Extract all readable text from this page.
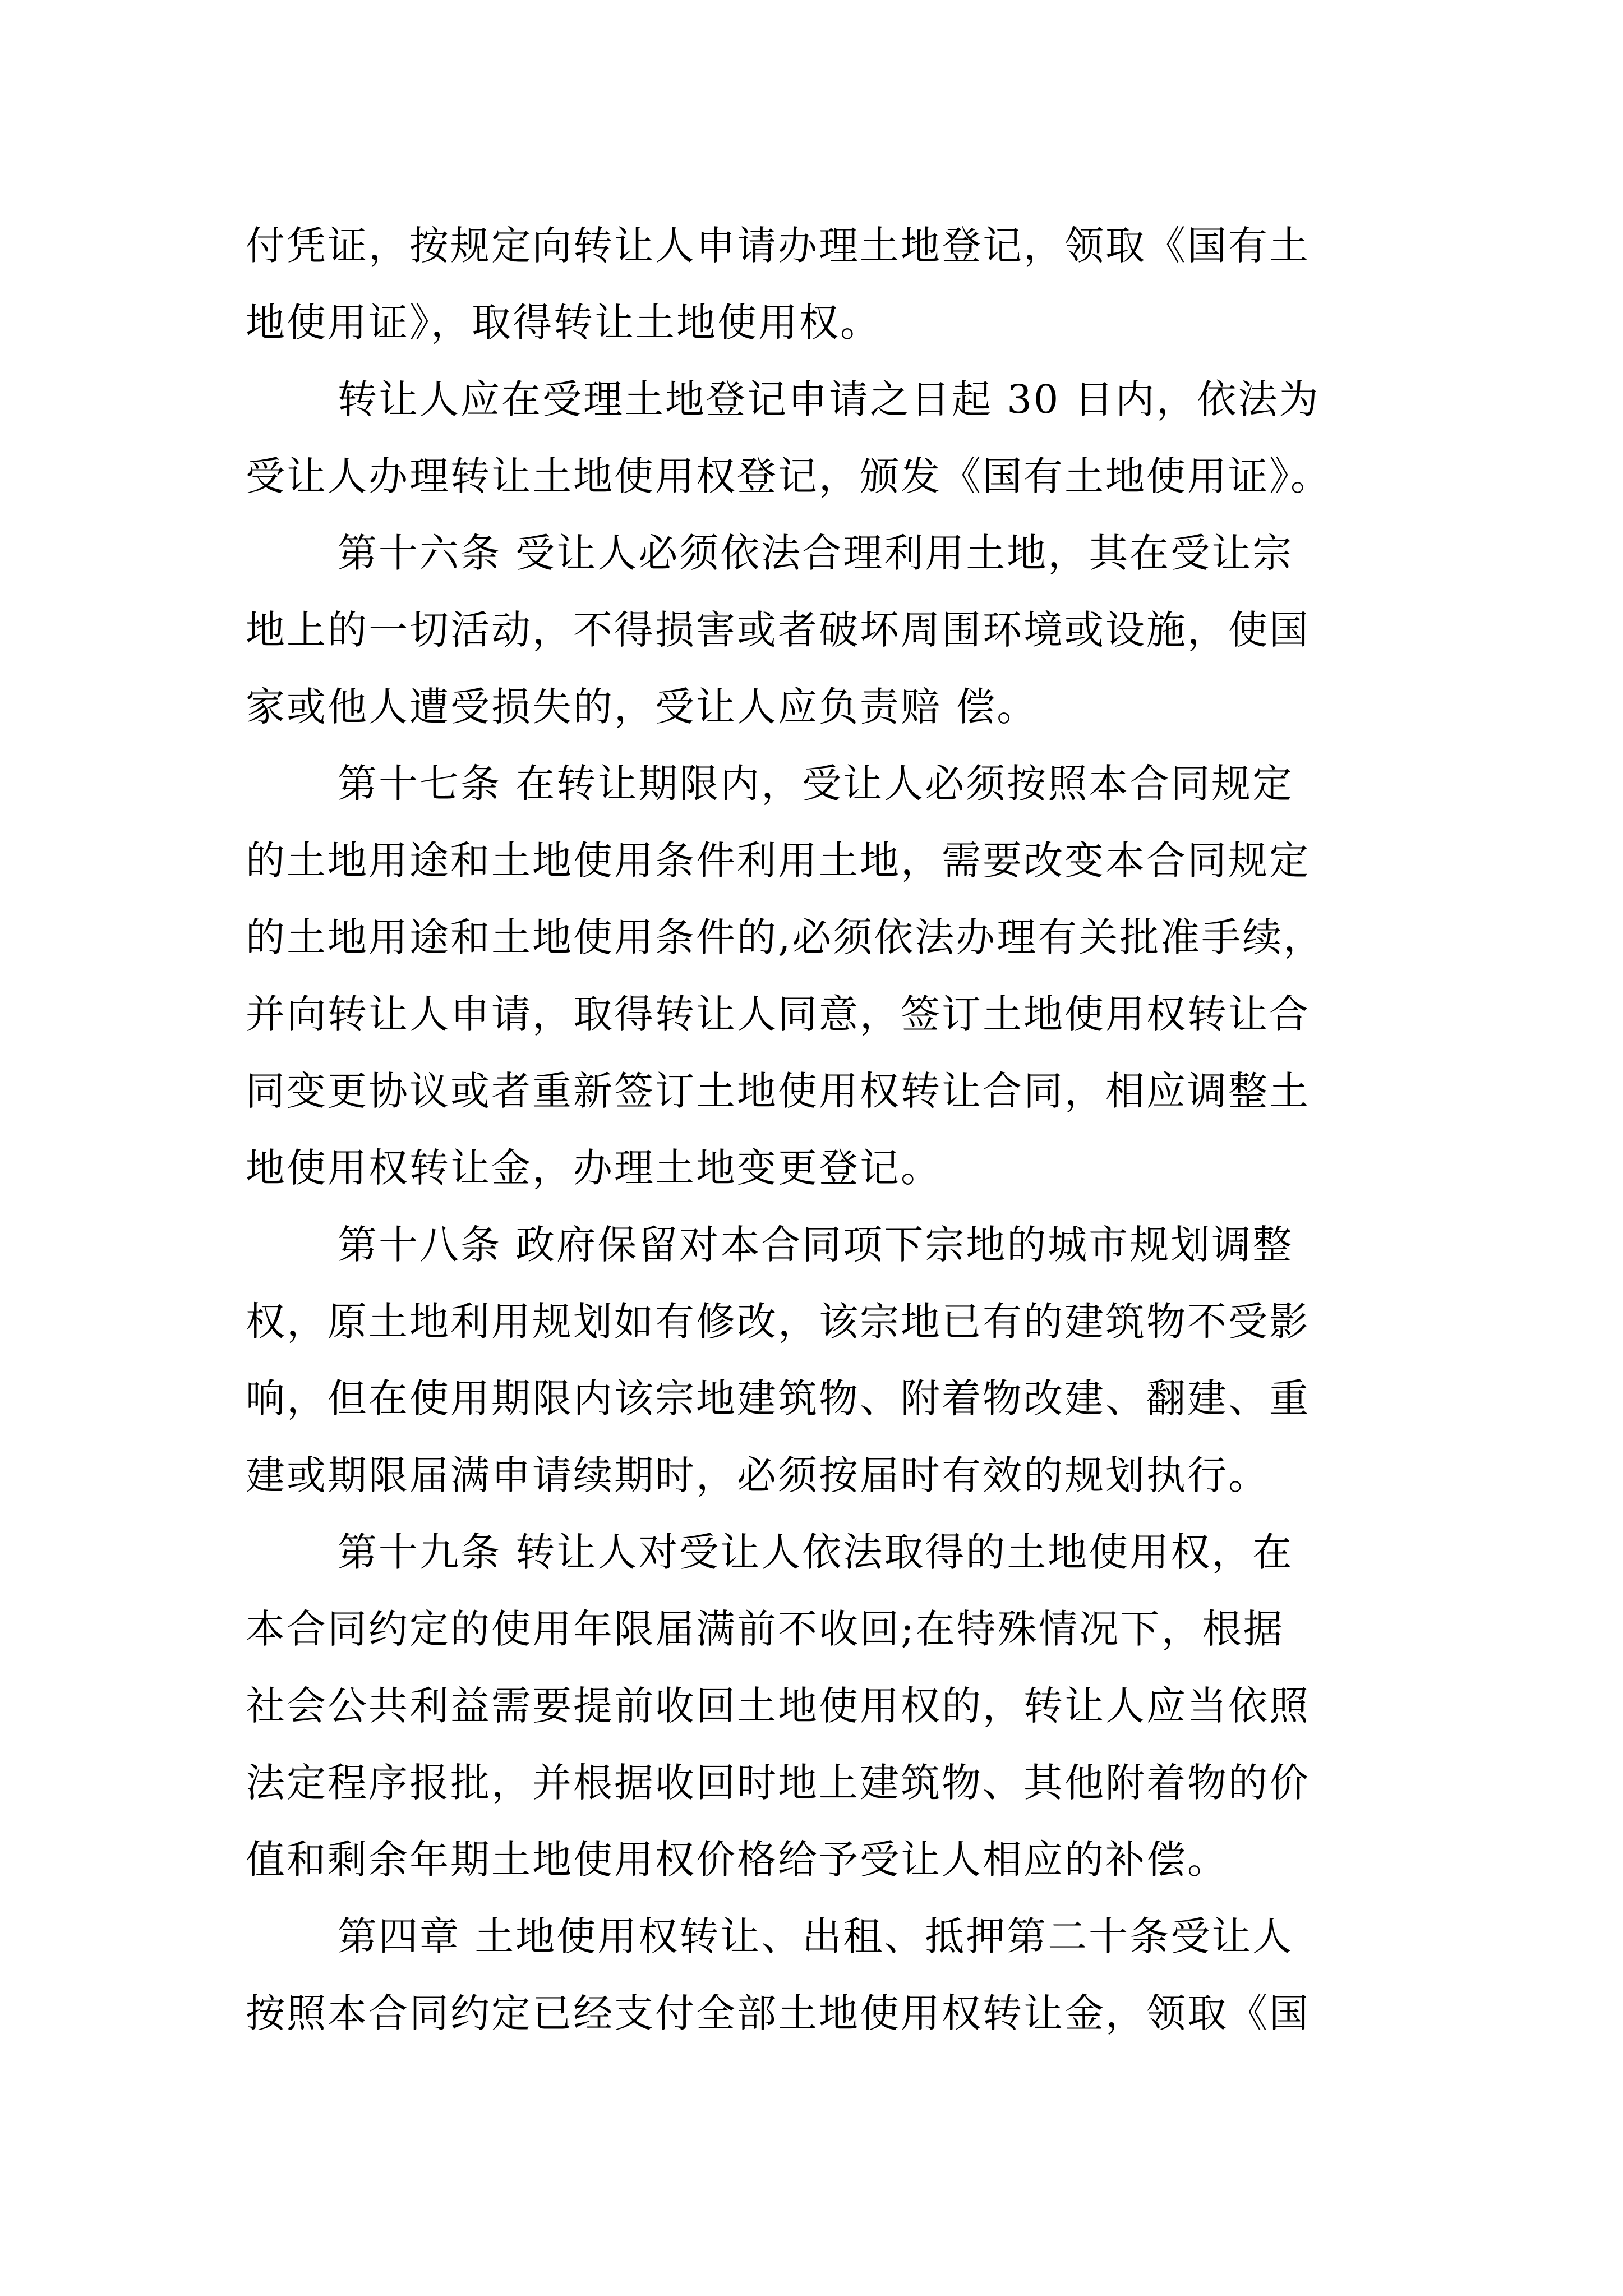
付凭证，按规定向转让人申请办理土地登记，领取《国有土
地使用证》，取得转让土地使用权。
转让人应在受理土地登记申请之日起 30 日内，依法为
受让人办理转让土地使用权登记，颁发《国有土地使用证》。
第十六条 受让人必须依法合理利用土地，其在受让宗
地上的一切活动，不得损害或者破坏周围环境或设施，使国
家或他人遭受损失的，受让人应负责赔 偿。
第十七条 在转让期限内，受让人必须按照本合同规定
的土地用途和土地使用条件利用土地，需要改变本合同规定
的土地用途和土地使用条件的,必须依法办理有关批准手续，
并向转让人申请，取得转让人同意，签订土地使用权转让合
同变更协议或者重新签订土地使用权转让合同，相应调整土
地使用权转让金，办理土地变更登记。
第十八条 政府保留对本合同项下宗地的城市规划调整
权，原土地利用规划如有修改，该宗地已有的建筑物不受影
响，但在使用期限内该宗地建筑物、附着物改建、翻建、重
建或期限届满申请续期时，必须按届时有效的规划执行。
第十九条 转让人对受让人依法取得的土地使用权，在
本合同约定的使用年限届满前不收回;在特殊情况下，根据
社会公共利益需要提前收回土地使用权的，转让人应当依照
法定程序报批，并根据收回时地上建筑物、其他附着物的价
值和剩余年期土地使用权价格给予受让人相应的补偿。
第四章 土地使用权转让、出租、抵押第二十条受让人
按照本合同约定已经支付全部土地使用权转让金，领取《国
